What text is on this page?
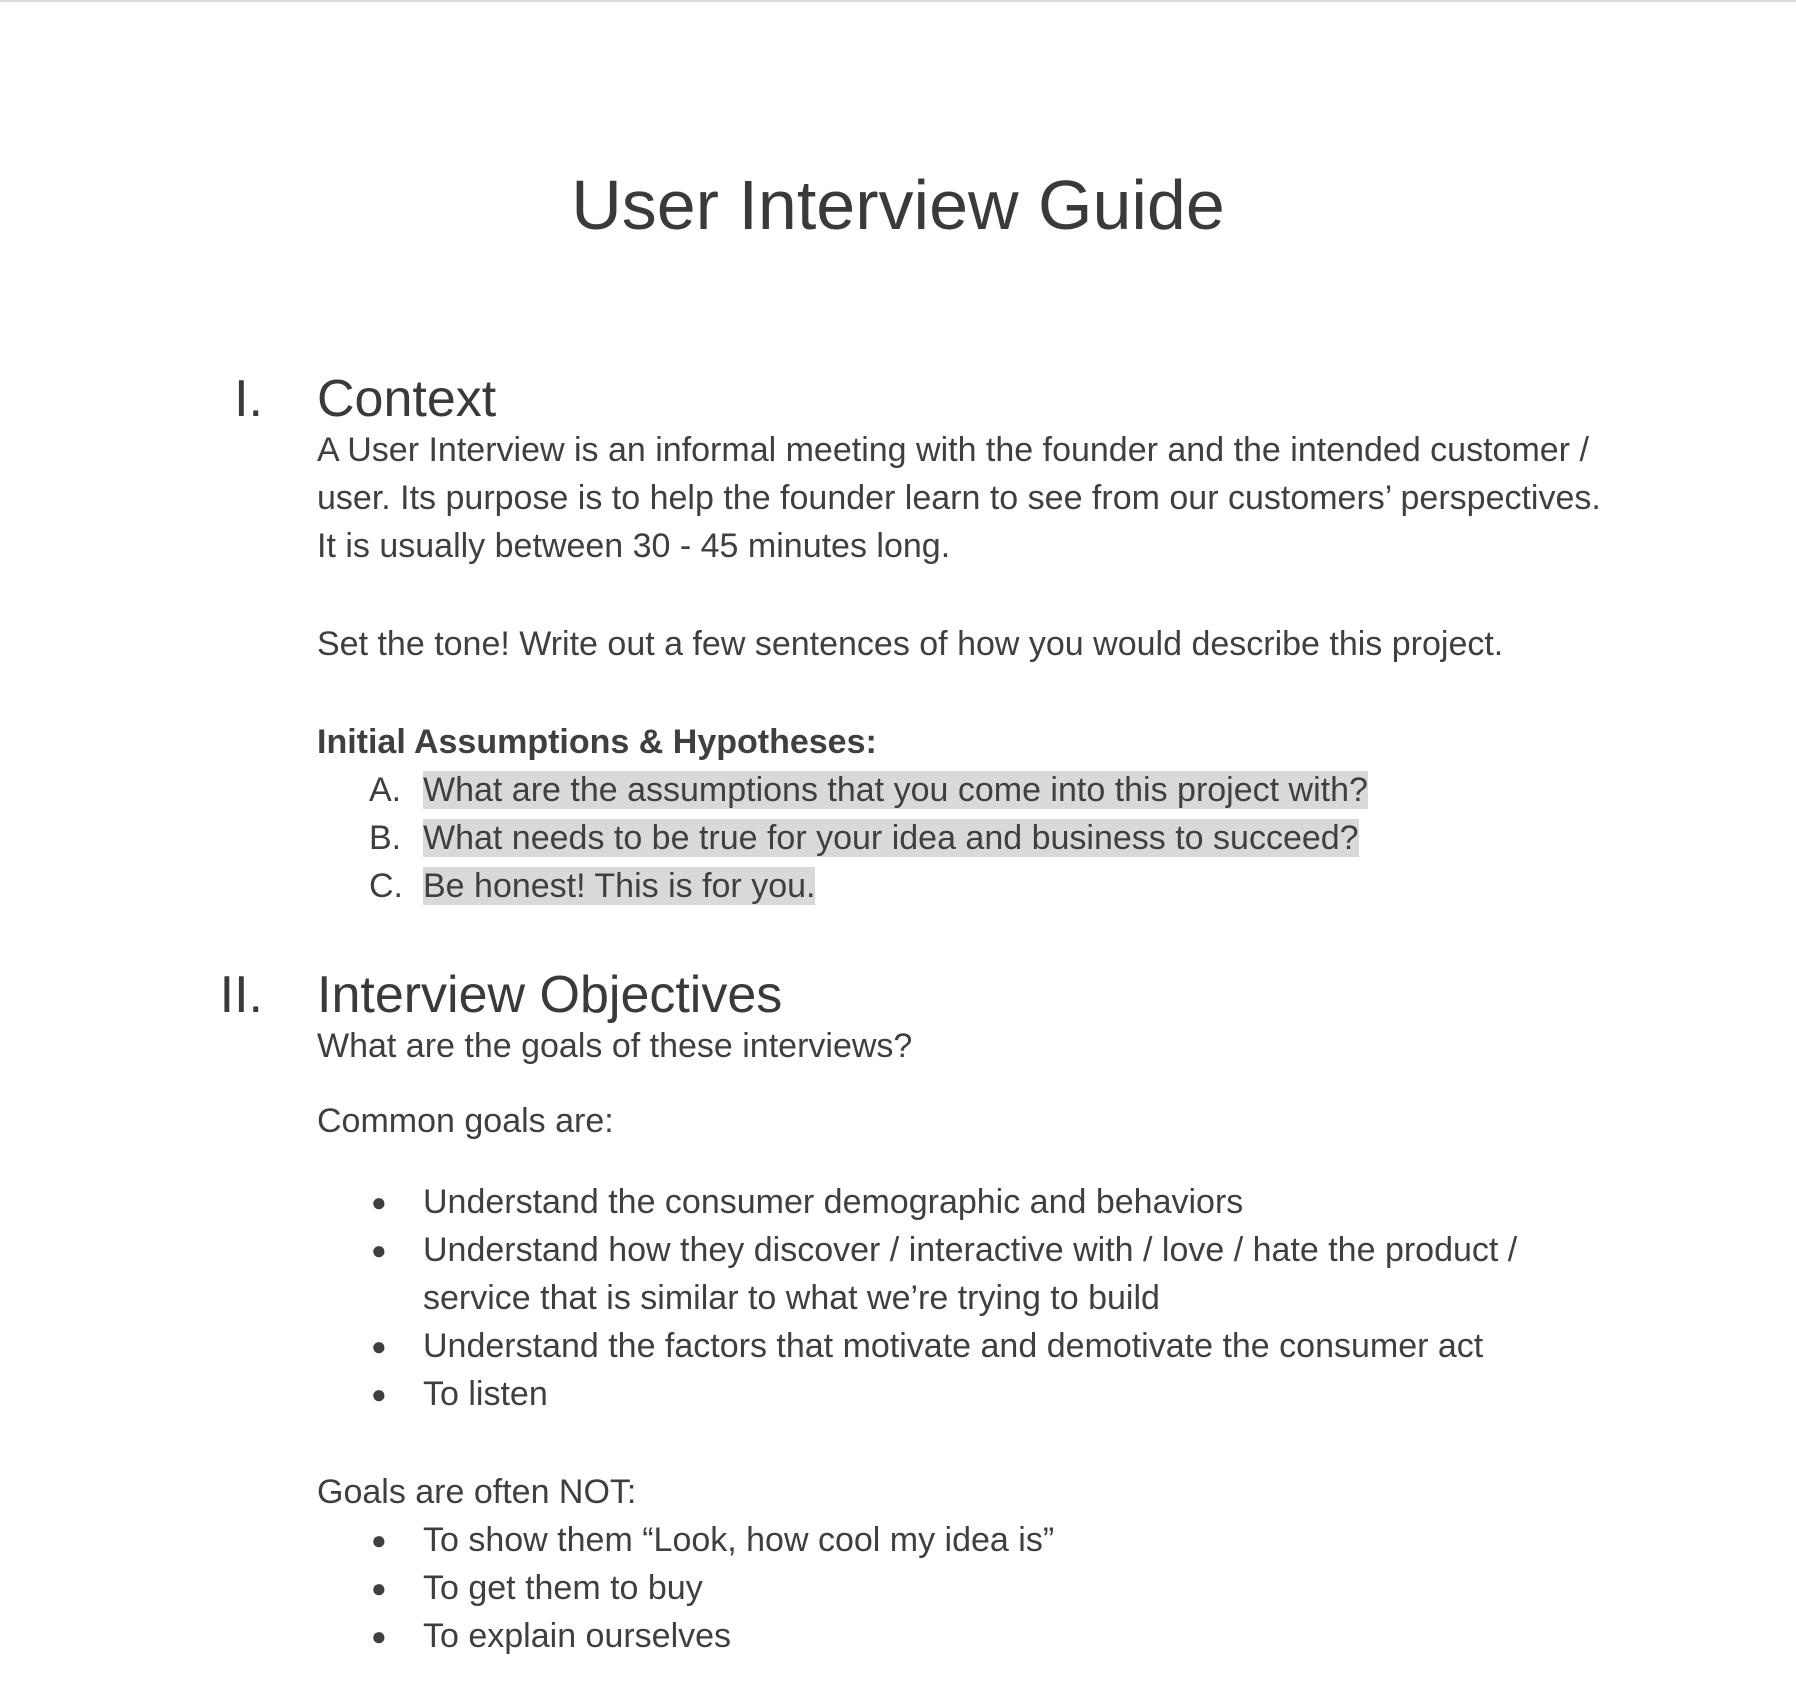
User Interview Guide
I. Context

A User Interview is an informal meeting with the founder and the intended customer / user. Its purpose is to help the founder learn to see from our customers’ perspectives. It is usually between 30 - 45 minutes long.

Set the tone! Write out a few sentences of how you would describe this project.

Initial Assumptions & Hypotheses:

A. What are the assumptions that you come into this project with?
B. What needs to be true for your idea and business to succeed?
C. Be honest! This is for you.
II. Interview Objectives

What are the goals of these interviews?

Common goals are:

● Understand the consumer demographic and behaviors
● Understand how they discover / interactive with / love / hate the product / service that is similar to what we’re trying to build
● Understand the factors that motivate and demotivate the consumer act
● To listen

Goals are often NOT:

● To show them “Look, how cool my idea is”
● To get them to buy
● To explain ourselves
